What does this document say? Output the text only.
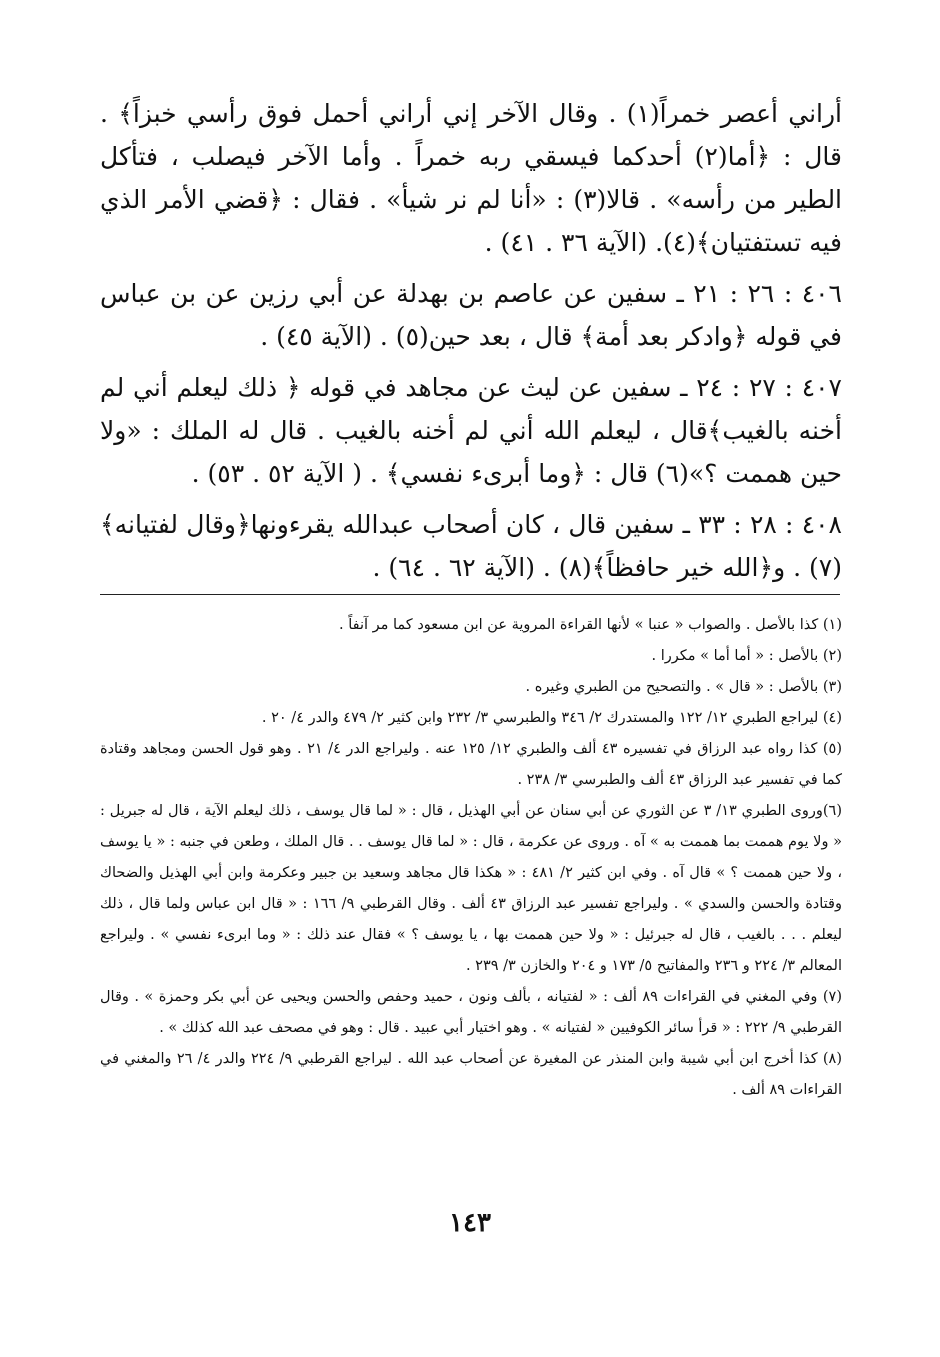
أراني أعصر خمراً(١) . وقال الآخر إني أراني أحمل فوق رأسي خبزاً﴾ . قال : ﴿أما(٢) أحدكما فيسقي ربه خمراً . وأما الآخر فيصلب ، فتأكل الطير من رأسه» . قالا(٣) : «أنا لم نر شيأ» . فقال : ﴿قضي الأمر الذي فيه تستفتيان﴾(٤). (الآية ٣٦ . ٤١) .

٤٠٦ : ٢٦ : ٢١ ـ سفين عن عاصم بن بهدلة عن أبي رزين عن بن عباس في قوله ﴿وادكر بعد أمة﴾ قال ، بعد حين(٥) . (الآية ٤٥) .

٤٠٧ : ٢٧ : ٢٤ ـ سفين عن ليث عن مجاهد في قوله ﴿ ذلك ليعلم أني لم أخنه بالغيب﴾قال ، ليعلم الله أني لم أخنه بالغيب . قال له الملك : «ولا حين هممت ؟»(٦) قال : ﴿وما أبرىء نفسي﴾ . ( الآية ٥٢ . ٥٣) .

٤٠٨ : ٢٨ : ٣٣ ـ سفين قال ، كان أصحاب عبدالله يقرءونها﴿وقال لفتيانه﴾(٧) . و﴿الله خير حافظاً﴾(٨) . (الآية ٦٢ . ٦٤) .

(١) كذا بالأصل . والصواب « عنبا » لأنها القراءة المروية عن ابن مسعود كما مر آنفاً .

(٢) بالأصل : « أما أما » مكررا .

(٣) بالأصل : « قال » . والتصحيح من الطبري وغيره .

(٤) ليراجع الطبري ١٢/ ١٢٢ والمستدرك ٢/ ٣٤٦ والطبرسي ٣/ ٢٣٢ وابن كثير ٢/ ٤٧٩ والدر ٤/ ٢٠ .

(٥) كذا رواه عبد الرزاق في تفسيره ٤٣ ألف والطبري ١٢/ ١٢٥ عنه . وليراجع الدر ٤/ ٢١ . وهو قول الحسن ومجاهد وقتادة كما في تفسير عبد الرزاق ٤٣ ألف والطبرسي ٣/ ٢٣٨ .

(٦)وروى الطبري ١٣/ ٣ عن الثوري عن أبي سنان عن أبي الهذيل ، قال : « لما قال يوسف ، ذلك ليعلم الآية ، قال له جبريل : « ولا يوم هممت بما هممت به » آه . وروى عن عكرمة ، قال : « لما قال يوسف . . قال الملك ، وطعن في جنبه : « يا يوسف ، ولا حين هممت ؟ » قال آه . وفي ابن كثير ٢/ ٤٨١ : « هكذا قال مجاهد وسعيد بن جبير وعكرمة وابن أبي الهذيل والضحاك وقتادة والحسن والسدي » . وليراجع تفسير عبد الرزاق ٤٣ ألف . وقال القرطبي ٩/ ١٦٦ : « قال ابن عباس ولما قال ، ذلك ليعلم . . . بالغيب ، قال له جبرئيل : « ولا حين هممت بها ، يا يوسف ؟ » فقال عند ذلك : « وما ابرىء نفسي » . وليراجع المعالم ٣/ ٢٢٤ و ٢٣٦ والمفاتيح ٥/ ١٧٣ و ٢٠٤ والخازن ٣/ ٢٣٩ .

(٧) وفي المغني في القراءات ٨٩ ألف : « لفتيانه ، بألف ونون ، حميد وحفص والحسن ويحيى عن أبي بكر وحمزة » . وقال القرطبي ٩/ ٢٢٢ : « قرأ سائر الكوفيين « لفتيانه » . وهو اختيار أبي عبيد . قال : وهو في مصحف عبد الله كذلك » .

(٨) كذا أخرج ابن أبي شيبة وابن المنذر عن المغيرة عن أصحاب عبد الله . ليراجع القرطبي ٩/ ٢٢٤ والدر ٤/ ٢٦ والمغني في القراءات ٨٩ ألف .

١٤٣
